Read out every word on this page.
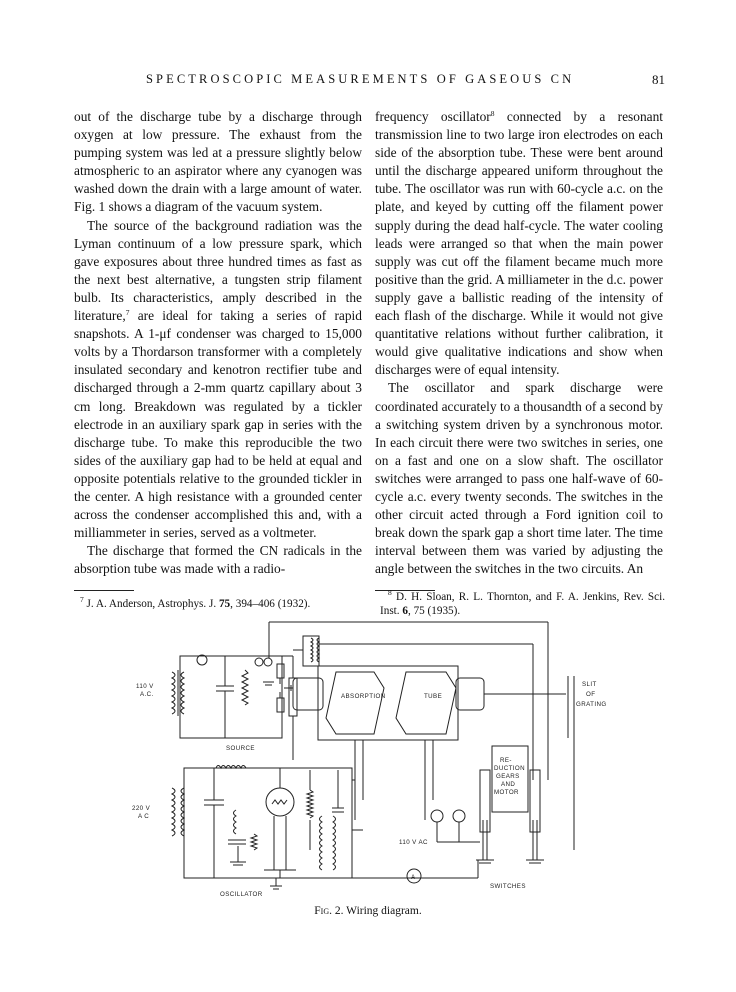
SPECTROSCOPIC MEASUREMENTS OF GASEOUS CN	81

out of the discharge tube by a discharge through oxygen at low pressure. The exhaust from the pumping system was led at a pressure slightly below atmospheric to an aspirator where any cyanogen was washed down the drain with a large amount of water. Fig. 1 shows a diagram of the vacuum system.

The source of the background radiation was the Lyman continuum of a low pressure spark, which gave exposures about three hundred times as fast as the next best alternative, a tungsten strip filament bulb. Its characteristics, amply described in the literature,$^7$ are ideal for taking a series of rapid snapshots. A 1-μf condenser was charged to 15,000 volts by a Thordarson transformer with a completely insulated secondary and kenotron rectifier tube and discharged through a 2-mm quartz capillary about 3 cm long. Breakdown was regulated by a tickler electrode in an auxiliary spark gap in series with the discharge tube. To make this reproducible the two sides of the auxiliary gap had to be held at equal and opposite potentials relative to the grounded tickler in the center. A high resistance with a grounded center across the condenser accomplished this and, with a milliammeter in series, served as a voltmeter.

The discharge that formed the CN radicals in the absorption tube was made with a radio-

frequency oscillator$^8$ connected by a resonant transmission line to two large iron electrodes on each side of the absorption tube. These were bent around until the discharge appeared uniform throughout the tube. The oscillator was run with 60-cycle a.c. on the plate, and keyed by cutting off the filament power supply during the dead half-cycle. The water cooling leads were arranged so that when the main power supply was cut off the filament became much more positive than the grid. A milliameter in the d.c. power supply gave a ballistic reading of the intensity of each flash of the discharge. While it would not give quantitative relations without further calibration, it would give qualitative indications and show when discharges were of equal intensity.

The oscillator and spark discharge were coordinated accurately to a thousandth of a second by a switching system driven by a synchronous motor. In each circuit there were two switches in series, one on a fast and one on a slow shaft. The oscillator switches were arranged to pass one half-wave of 60-cycle a.c. every twenty seconds. The switches in the other circuit acted through a Ford ignition coil to break down the spark gap a short time later. The time interval between them was varied by adjusting the angle between the switches in the two circuits. An

$^7$ J. A. Anderson, Astrophys. J. 75, 394–406 (1932).
$^8$ D. H. Sloan, R. L. Thornton, and F. A. Jenkins, Rev. Sci. Inst. 6, 75 (1935).
ABSORPTION	TUBE
SLIT
OF
GRATING
RE-
DUCTION
GEARS
AND
MOTOR
SWITCHES
110 V AC
A
110 V
A.C.
SOURCE
220 V
A C
OSCILLATOR
Fig. 2. Wiring diagram.
